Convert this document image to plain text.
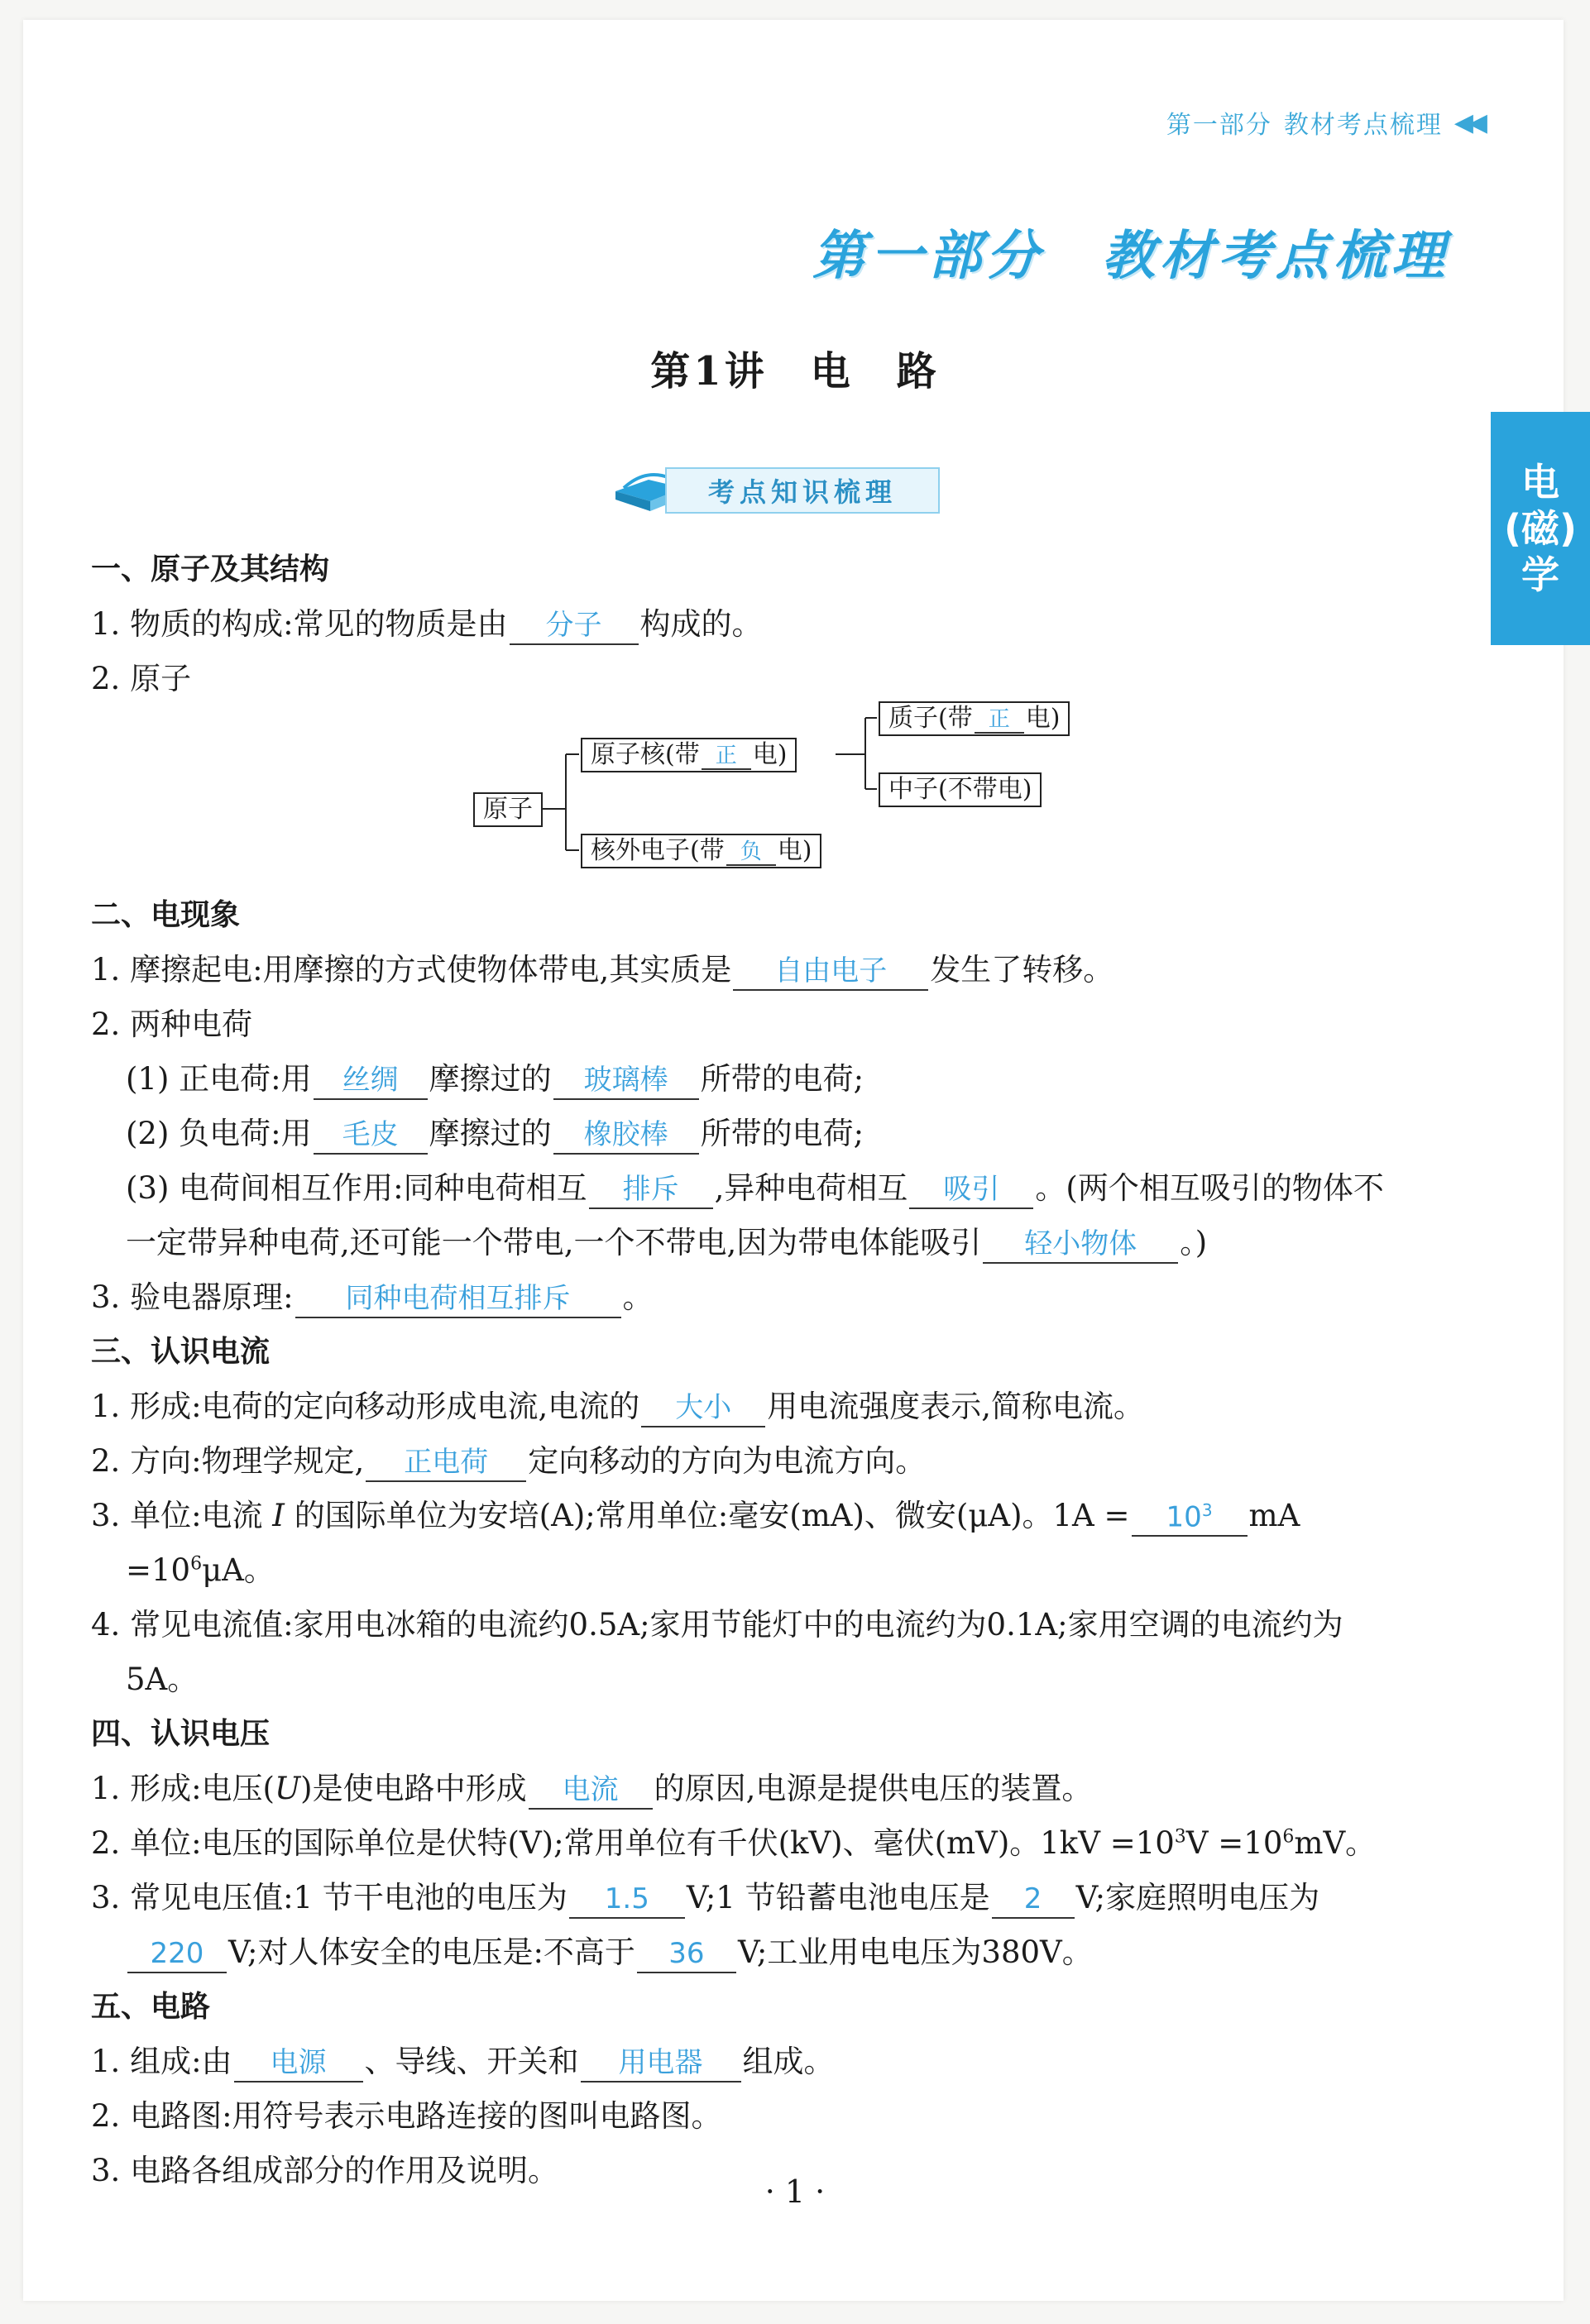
第一部分 教材考点梳理 ◀◀
第一部分　教材考点梳理
第1讲　电　路
电
(磁)
学
考点知识梳理
一、原子及其结构
1. 物质的构成:常见的物质是由 分子 构成的。
2. 原子
原子
原子核(带 正 电)
核外电子(带 负 电)
质子(带 正 电)
中子(不带电)
二、电现象
1. 摩擦起电:用摩擦的方式使物体带电,其实质是 自由电子 发生了转移。
2. 两种电荷
(1) 正电荷:用 丝绸 摩擦过的 玻璃棒 所带的电荷;
(2) 负电荷:用 毛皮 摩擦过的 橡胶棒 所带的电荷;
(3) 电荷间相互作用:同种电荷相互 排斥 ,异种电荷相互 吸引 。(两个相互吸引的物体不
一定带异种电荷,还可能一个带电,一个不带电,因为带电体能吸引 轻小物体 。)
3. 验电器原理: 同种电荷相互排斥 。
三、认识电流
1. 形成:电荷的定向移动形成电流,电流的 大小 用电流强度表示,简称电流。
2. 方向:物理学规定, 正电荷 定向移动的方向为电流方向。
3. 单位:电流 I 的国际单位为安培(A);常用单位:毫安(mA)、微安(μA)。$1A = 10^3$ mA
$=10^6\mu A$。
4. 常见电流值:家用电冰箱的电流约0.5A;家用节能灯中的电流约为0.1A;家用空调的电流约为
5A。
四、认识电压
1. 形成:电压(U)是使电路中形成 电流 的原因,电源是提供电压的装置。
2. 单位:电压的国际单位是伏特(V);常用单位有千伏(kV)、毫伏(mV)。$1kV =10^3V =10^6mV$。
3. 常见电压值:1 节干电池的电压为 1.5 V;1 节铅蓄电池电压是 2 V;家庭照明电压为
220 V;对人体安全的电压是:不高于 36 V;工业用电电压为380V。
五、电路
1. 组成:由 电源 、导线、开关和 用电器 组成。
2. 电路图:用符号表示电路连接的图叫电路图。
3. 电路各组成部分的作用及说明。
· 1 ·
